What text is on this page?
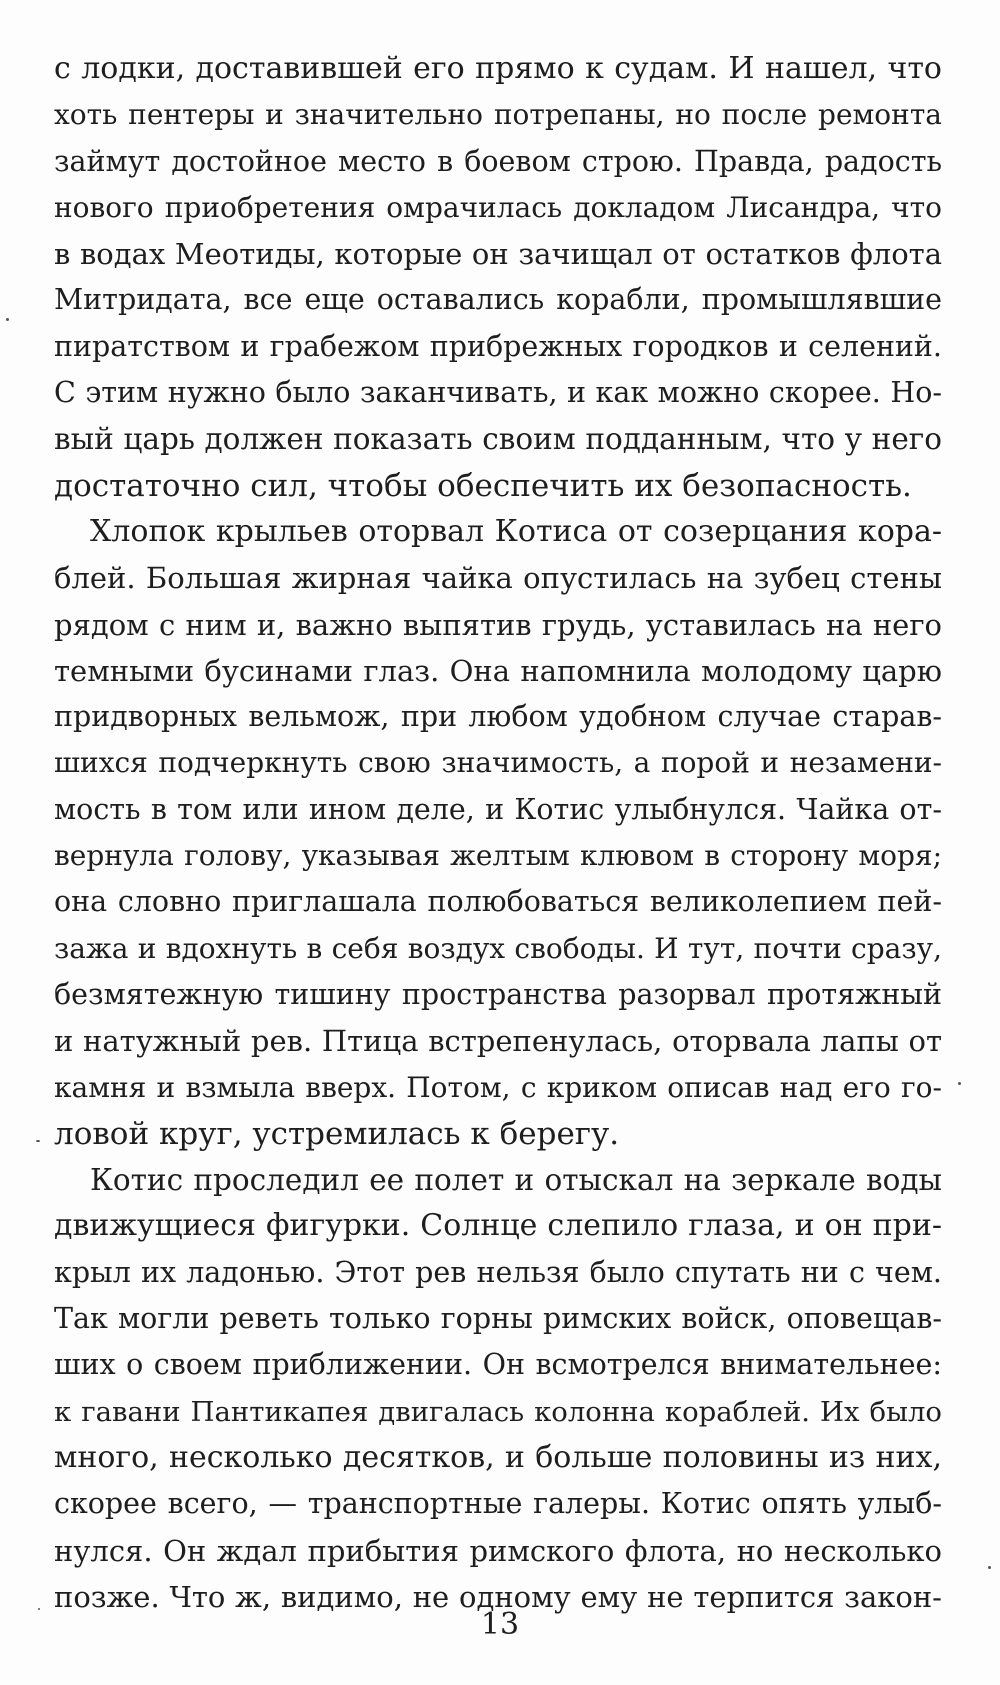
с лодки, доставившей его прямо к судам. И нашел, что
хоть пентеры и значительно потрепаны, но после ремонта
займут достойное место в боевом строю. Правда, радость
нового приобретения омрачилась докладом Лисандра, что
в водах Меотиды, которые он зачищал от остатков флота
Митридата, все еще оставались корабли, промышлявшие
пиратством и грабежом прибрежных городков и селений.
С этим нужно было заканчивать, и как можно скорее. Но-
вый царь должен показать своим подданным, что у него
достаточно сил, чтобы обеспечить их безопасность.
Хлопок крыльев оторвал Котиса от созерцания кора-
блей. Большая жирная чайка опустилась на зубец стены
рядом с ним и, важно выпятив грудь, уставилась на него
темными бусинами глаз. Она напомнила молодому царю
придворных вельмож, при любом удобном случае старав-
шихся подчеркнуть свою значимость, а порой и незамени-
мость в том или ином деле, и Котис улыбнулся. Чайка от-
вернула голову, указывая желтым клювом в сторону моря;
она словно приглашала полюбоваться великолепием пей-
зажа и вдохнуть в себя воздух свободы. И тут, почти сразу,
безмятежную тишину пространства разорвал протяжный
и натужный рев. Птица встрепенулась, оторвала лапы от
камня и взмыла вверх. Потом, с криком описав над его го-
ловой круг, устремилась к берегу.
Котис проследил ее полет и отыскал на зеркале воды
движущиеся фигурки. Солнце слепило глаза, и он при-
крыл их ладонью. Этот рев нельзя было спутать ни с чем.
Так могли реветь только горны римских войск, оповещав-
ших о своем приближении. Он всмотрелся внимательнее:
к гавани Пантикапея двигалась колонна кораблей. Их было
много, несколько десятков, и больше половины из них,
скорее всего, — транспортные галеры. Котис опять улыб-
нулся. Он ждал прибытия римского флота, но несколько
позже. Что ж, видимо, не одному ему не терпится закон-
13
